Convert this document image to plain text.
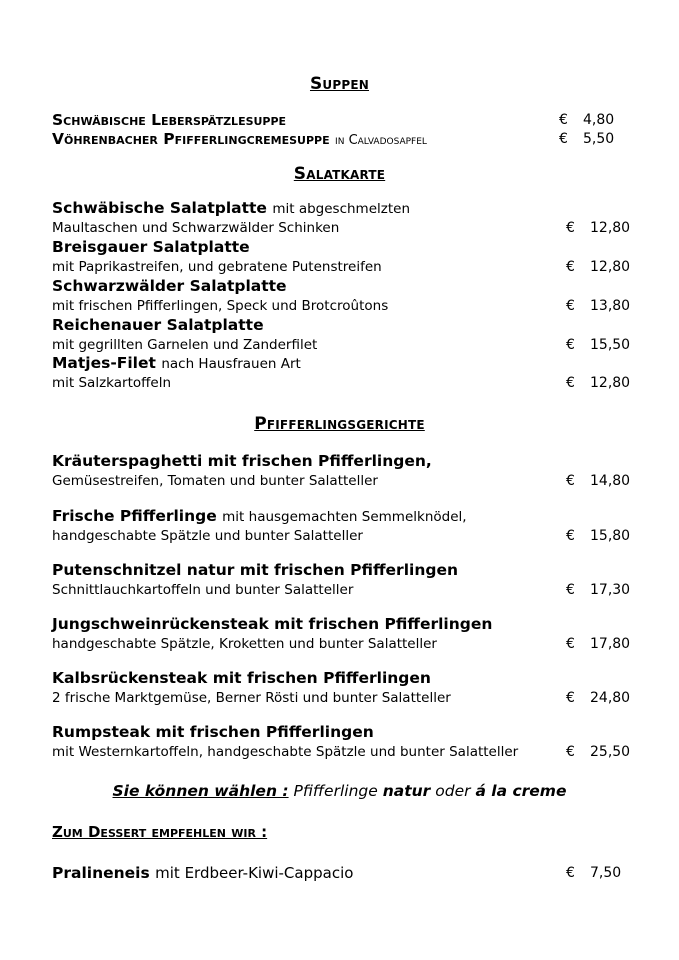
Suppen
Schwäbische Leberspätzlesuppe	€ 4,80
Vöhrenbacher Pfifferlingcremesuppe in Calvadosapfel	€ 5,50
Salatkarte
Schwäbische Salatplatte mit abgeschmelzten
Maultaschen und Schwarzwälder Schinken	€ 12,80
Breisgauer Salatplatte
mit Paprikastreifen, und gebratene Putenstreifen	€ 12,80
Schwarzwälder Salatplatte
mit frischen Pfifferlingen, Speck und Brotcroûtons	€ 13,80
Reichenauer Salatplatte
mit gegrillten Garnelen und Zanderfilet	€ 15,50
Matjes-Filet nach Hausfrauen Art
mit Salzkartoffeln	€ 12,80
Pfifferlingsgerichte
Kräuterspaghetti mit frischen Pfifferlingen,
Gemüsestreifen, Tomaten und bunter Salatteller	€ 14,80
Frische Pfifferlinge mit hausgemachten Semmelknödel,
handgeschabte Spätzle und bunter Salatteller	€ 15,80
Putenschnitzel natur mit frischen Pfifferlingen
Schnittlauchkartoffeln und bunter Salatteller	€ 17,30
Jungschweinrückensteak mit frischen Pfifferlingen
handgeschabte Spätzle, Kroketten und bunter Salatteller	€ 17,80
Kalbsrückensteak mit frischen Pfifferlingen
2 frische Marktgemüse, Berner Rösti und bunter Salatteller	€ 24,80
Rumpsteak mit frischen Pfifferlingen
mit Westernkartoffeln, handgeschabte Spätzle und bunter Salatteller	€ 25,50
Sie können wählen : Pfifferlinge natur oder á la creme
Zum Dessert empfehlen wir :
Pralineneis mit Erdbeer-Kiwi-Cappacio	€ 7,50
